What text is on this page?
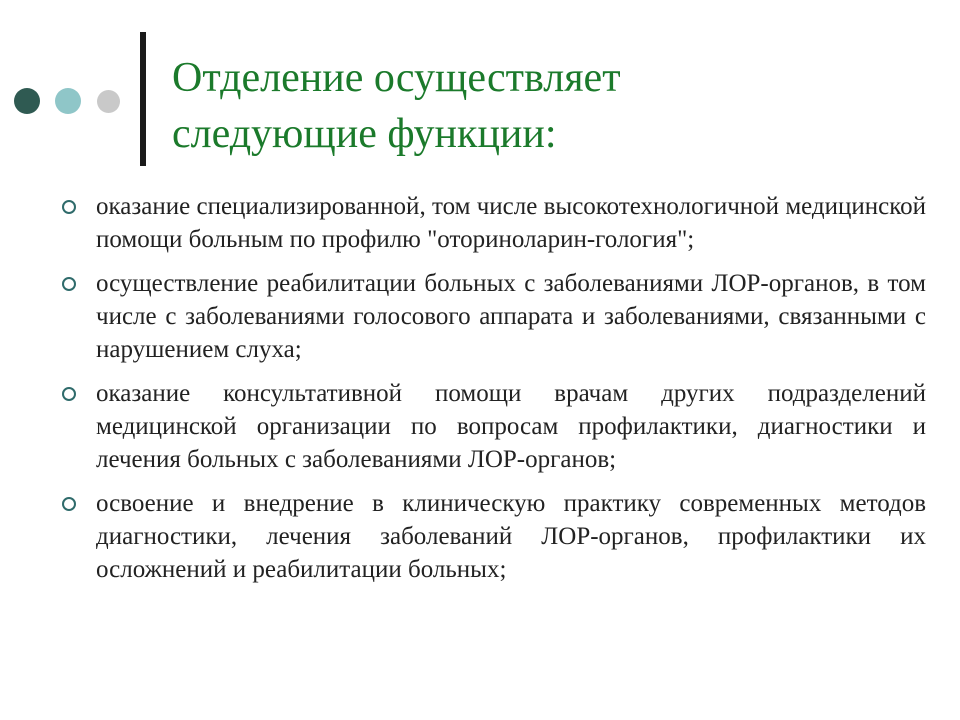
Отделение осуществляет
следующие функции:
оказание специализированной, том числе высокотехнологичной медицинской помощи больным по профилю "оториноларин-гология";
осуществление реабилитации больных с заболеваниями ЛОР-органов, в том числе с заболеваниями голосового аппарата и заболеваниями, связанными с нарушением слуха;
оказание консультативной помощи врачам других подразделений медицинской организации по вопросам профилактики, диагностики и лечения больных с заболеваниями ЛОР-органов;
освоение и внедрение в клиническую практику современных методов диагностики, лечения заболеваний ЛОР-органов, профилактики их осложнений и реабилитации больных;
